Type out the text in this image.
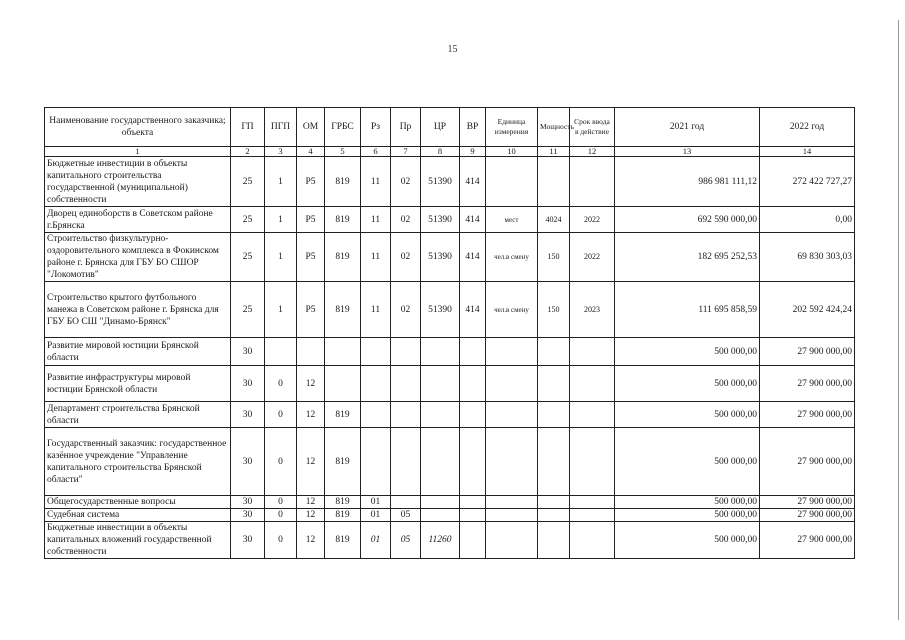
15
Наименование государственного заказчика; объекта	ГП	ПГП	ОМ	ГРБС	Рз	Пр	ЦР	ВР	Единица измерения	Мощность	Срок ввода в действие	2021 год	2022 год
1	2	3	4	5	6	7	8	9	10	11	12	13	14
Бюджетные инвестиции в объекты капитального строительства государственной (муниципальной) собственности	25	1	Р5	819	11	02	51390	414				986 981 111,12	272 422 727,27
Дворец единоборств в Советском районе г.Брянска	25	1	Р5	819	11	02	51390	414	мест	4024	2022	692 590 000,00	0,00
Строительство физкультурно-оздоровительного комплекса в Фокинском районе г. Брянска для ГБУ БО СШОР "Локомотив"	25	1	Р5	819	11	02	51390	414	чел.в смену	150	2022	182 695 252,53	69 830 303,03
Строительство крытого футбольного манежа в Советском районе г. Брянска для ГБУ БО СШ "Динамо-Брянск"	25	1	Р5	819	11	02	51390	414	чел.в смену	150	2023	111 695 858,59	202 592 424,24
Развитие мировой юстиции Брянской области	30											500 000,00	27 900 000,00
Развитие инфраструктуры мировой юстиции Брянской области	30	0	12									500 000,00	27 900 000,00
Департамент строительства Брянской области	30	0	12	819								500 000,00	27 900 000,00
Государственный заказчик: государственное казённое учреждение "Управление капитального строительства Брянской области"	30	0	12	819								500 000,00	27 900 000,00
Общегосударственные вопросы	30	0	12	819	01							500 000,00	27 900 000,00
Судебная система	30	0	12	819	01	05						500 000,00	27 900 000,00
Бюджетные инвестиции в объекты капитальных вложений государственной собственности	30	0	12	819	01	05	11260					500 000,00	27 900 000,00
